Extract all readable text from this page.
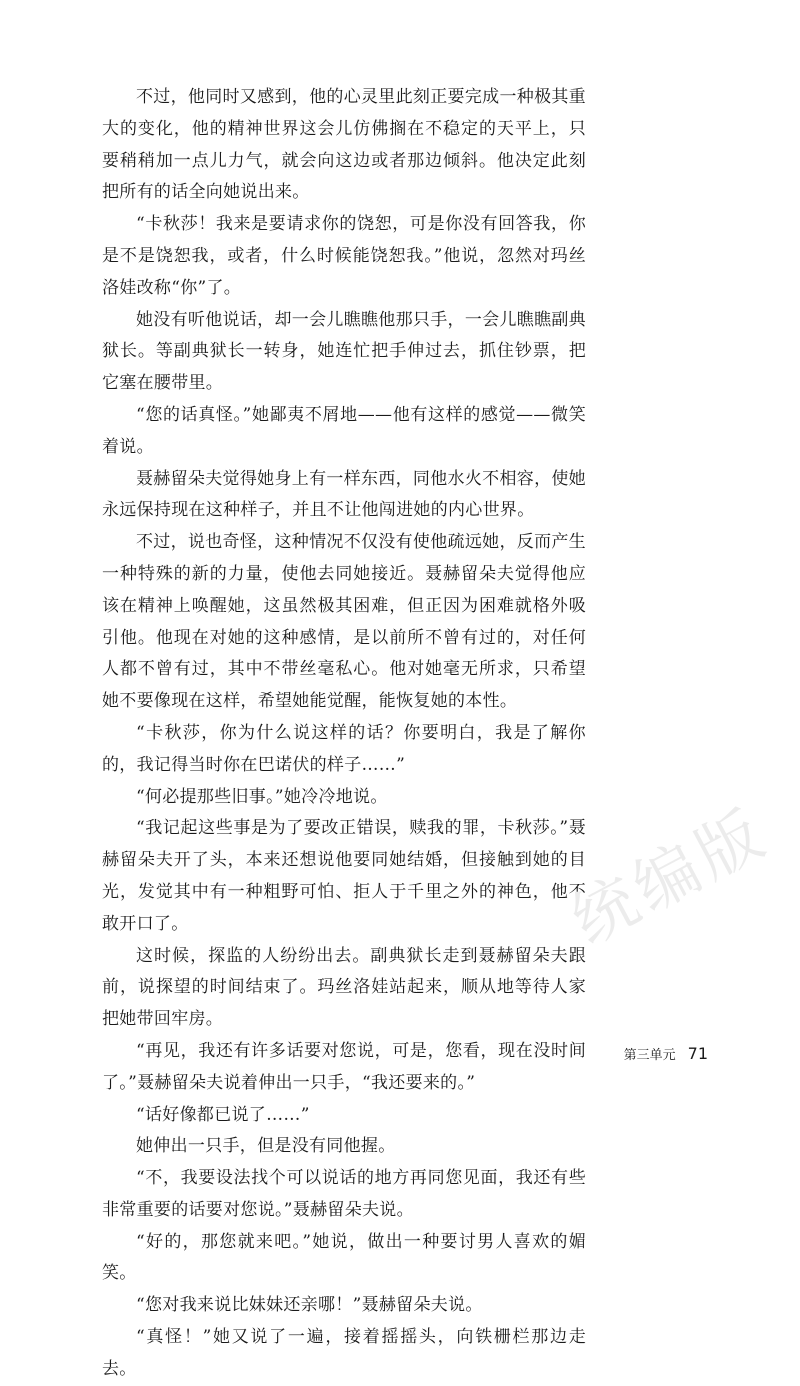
不过，他同时又感到，他的心灵里此刻正要完成一种极其重大的变化，他的精神世界这会儿仿佛搁在不稳定的天平上，只要稍稍加一点儿力气，就会向这边或者那边倾斜。他决定此刻把所有的话全向她说出来。

“卡秋莎！我来是要请求你的饶恕，可是你没有回答我，你是不是饶恕我，或者，什么时候能饶恕我。”他说，忽然对玛丝洛娃改称“你”了。

她没有听他说话，却一会儿瞧瞧他那只手，一会儿瞧瞧副典狱长。等副典狱长一转身，她连忙把手伸过去，抓住钞票，把它塞在腰带里。

“您的话真怪。”她鄙夷不屑地——他有这样的感觉——微笑着说。

聂赫留朵夫觉得她身上有一样东西，同他水火不相容，使她永远保持现在这种样子，并且不让他闯进她的内心世界。

不过，说也奇怪，这种情况不仅没有使他疏远她，反而产生一种特殊的新的力量，使他去同她接近。聂赫留朵夫觉得他应该在精神上唤醒她，这虽然极其困难，但正因为困难就格外吸引他。他现在对她的这种感情，是以前所不曾有过的，对任何人都不曾有过，其中不带丝毫私心。他对她毫无所求，只希望她不要像现在这样，希望她能觉醒，能恢复她的本性。

“卡秋莎，你为什么说这样的话？你要明白，我是了解你的，我记得当时你在巴诺伏的样子……”

“何必提那些旧事。”她冷冷地说。

“我记起这些事是为了要改正错误，赎我的罪，卡秋莎。”聂赫留朵夫开了头，本来还想说他要同她结婚，但接触到她的目光，发觉其中有一种粗野可怕、拒人于千里之外的神色，他不敢开口了。

这时候，探监的人纷纷出去。副典狱长走到聂赫留朵夫跟前，说探望的时间结束了。玛丝洛娃站起来，顺从地等待人家把她带回牢房。

“再见，我还有许多话要对您说，可是，您看，现在没时间了。”聂赫留朵夫说着伸出一只手，“我还要来的。”

“话好像都已说了……”

她伸出一只手，但是没有同他握。

“不，我要设法找个可以说话的地方再同您见面，我还有些非常重要的话要对您说。”聂赫留朵夫说。

“好的，那您就来吧。”她说，做出一种要讨男人喜欢的媚笑。

“您对我来说比妹妹还亲哪！”聂赫留朵夫说。

“真怪！”她又说了一遍，接着摇摇头，向铁栅栏那边走去。

统编版
第三单元 71
